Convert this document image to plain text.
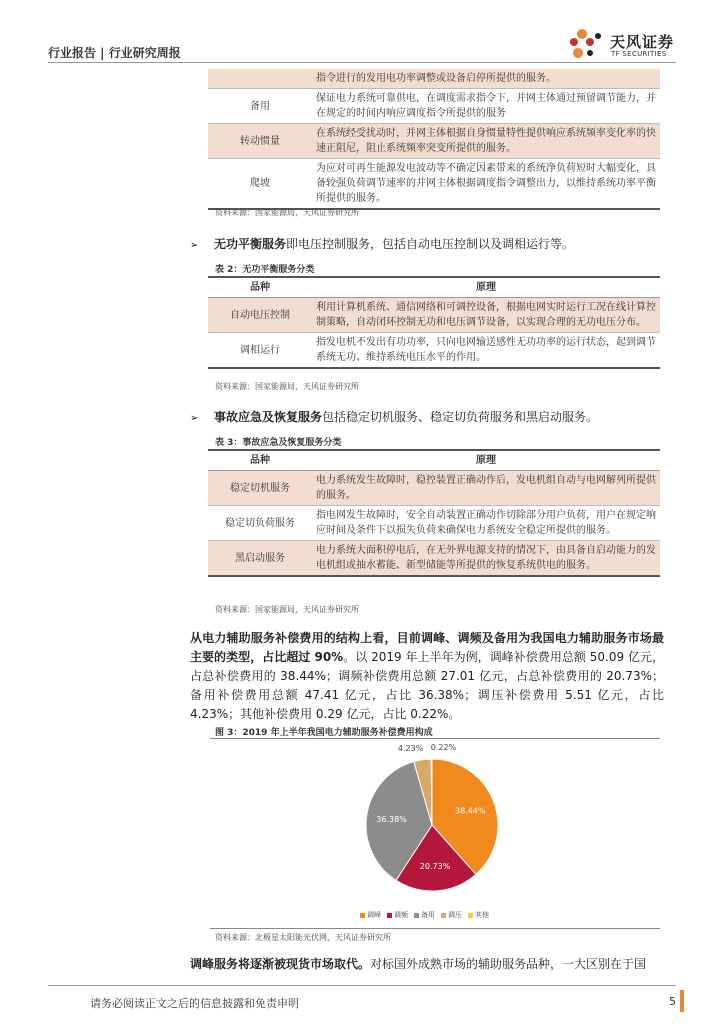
行业报告 | 行业研究周报
天风证券
TF SECURITIES
	指令进行的发用电功率调整或设备启停所提供的服务。
备用	保证电力系统可靠供电，在调度需求指令下，并网主体通过预留调节能力，并在规定的时间内响应调度指令所提供的服务
转动惯量	在系统经受扰动时，并网主体根据自身惯量特性提供响应系统频率变化率的快速正阻尼，阻止系统频率突变所提供的服务。
爬坡	为应对可再生能源发电波动等不确定因素带来的系统净负荷短时大幅变化，具备较强负荷调节速率的并网主体根据调度指令调整出力，以维持系统功率平衡所提供的服务。
资料来源：国家能源局，天风证券研究所
➢ 无功平衡服务即电压控制服务，包括自动电压控制以及调相运行等。
表 2：无功平衡服务分类
品种	原理
自动电压控制	利用计算机系统、通信网络和可调控设备，根据电网实时运行工况在线计算控制策略，自动闭环控制无功和电压调节设备，以实现合理的无功电压分布。
调相运行	指发电机不发出有功功率，只向电网输送感性无功功率的运行状态，起到调节系统无功、维持系统电压水平的作用。
资料来源：国家能源局，天风证券研究所
➢ 事故应急及恢复服务包括稳定切机服务、稳定切负荷服务和黑启动服务。
表 3：事故应急及恢复服务分类
品种	原理
稳定切机服务	电力系统发生故障时，稳控装置正确动作后，发电机组自动与电网解列所提供的服务。
稳定切负荷服务	指电网发生故障时，安全自动装置正确动作切除部分用户负荷，用户在规定响应时间及条件下以损失负荷来确保电力系统安全稳定所提供的服务。
黑启动服务	电力系统大面积停电后，在无外界电源支持的情况下，由具备自启动能力的发电机组或抽水蓄能、新型储能等所提供的恢复系统供电的服务。
资料来源：国家能源局，天风证券研究所
从电力辅助服务补偿费用的结构上看，目前调峰、调频及备用为我国电力辅助服务市场最主要的类型，占比超过 90%。以 2019 年上半年为例，调峰补偿费用总额 50.09 亿元，占总补偿费用的 38.44%；调频补偿费用总额 27.01 亿元，占总补偿费用的 20.73%；备用补偿费用总额 47.41 亿元，占比 36.38%；调压补偿费用 5.51 亿元，占比 4.23%；其他补偿费用 0.29 亿元，占比 0.22%。
图 3：2019 年上半年我国电力辅助服务补偿费用构成
38.44%
20.73%
36.38%
4.23% 0.22%
调峰	调频	备用	调压	其他
资料来源：北极星太阳能光伏网，天风证券研究所
调峰服务将逐渐被现货市场取代。对标国外成熟市场的辅助服务品种，一大区别在于国
请务必阅读正文之后的信息披露和免责申明	5
